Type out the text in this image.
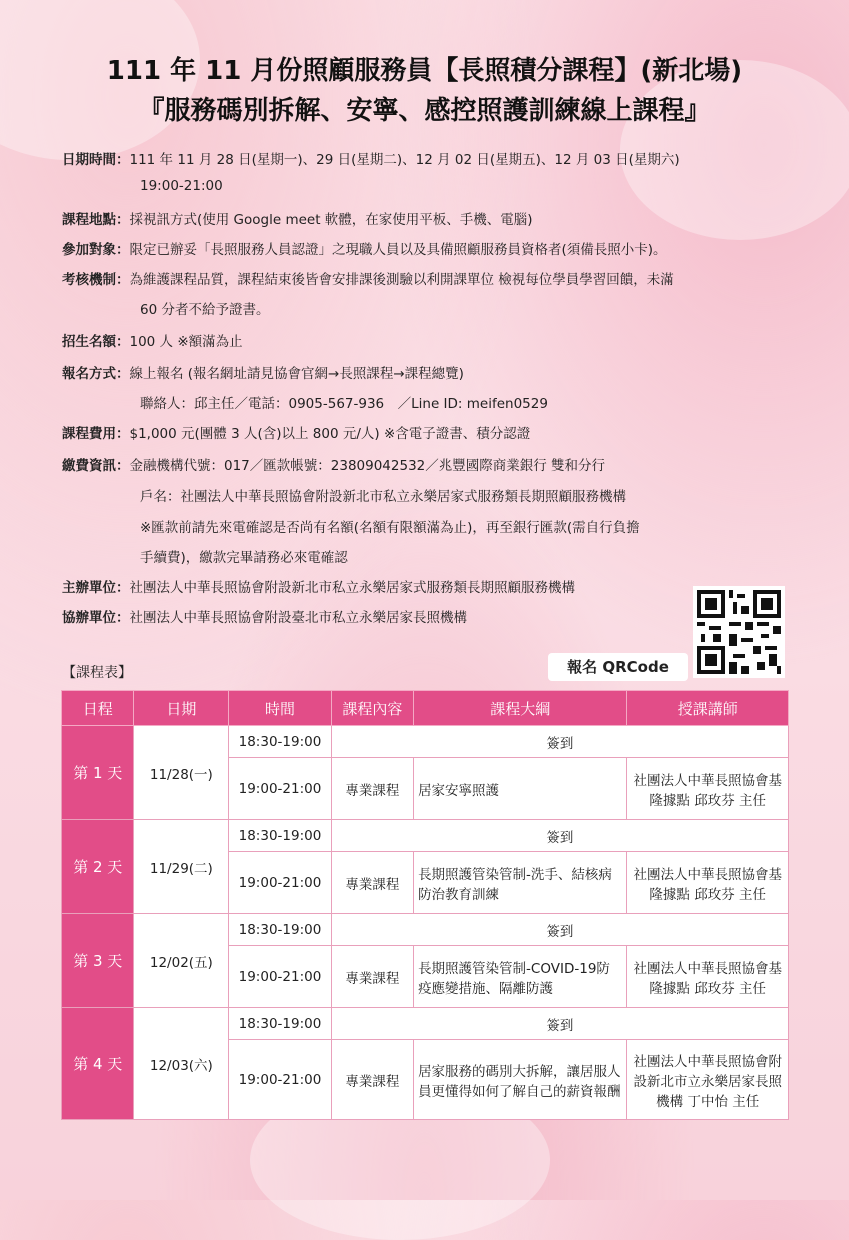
111 年 11 月份照顧服務員【長照積分課程】(新北場)
『服務碼別拆解、安寧、感控照護訓練線上課程』
日期時間：111 年 11 月 28 日(星期一)、29 日(星期二)、12 月 02 日(星期五)、12 月 03 日(星期六)
19:00-21:00
課程地點：採視訊方式(使用 Google meet 軟體，在家使用平板、手機、電腦)
參加對象：限定已辦妥「長照服務人員認證」之現職人員以及具備照顧服務員資格者(須備長照小卡)。
考核機制：為維護課程品質，課程結束後皆會安排課後測驗以利開課單位 檢視每位學員學習回饋，未滿
60 分者不給予證書。
招生名額：100 人 ※額滿為止
報名方式：線上報名 (報名網址請見協會官網→長照課程→課程總覽)
聯絡人：邱主任／電話：0905-567-936　／Line ID: meifen0529
課程費用：$1,000 元(團體 3 人(含)以上 800 元/人) ※含電子證書、積分認證
繳費資訊：金融機構代號：017／匯款帳號：23809042532／兆豐國際商業銀行 雙和分行
戶名：社團法人中華長照協會附設新北市私立永樂居家式服務類長期照顧服務機構
※匯款前請先來電確認是否尚有名額(名額有限額滿為止)，再至銀行匯款(需自行負擔
手續費)，繳款完畢請務必來電確認
主辦單位：社團法人中華長照協會附設新北市私立永樂居家式服務類長期照顧服務機構
協辦單位：社團法人中華長照協會附設臺北市私立永樂居家長照機構
報名 QRCode
【課程表】
日程	日期	時間	課程內容	課程大綱	授課講師
第 1 天	11/28(一)	18:30-19:00	簽到		
		19:00-21:00	專業課程	居家安寧照護	社團法人中華長照協會基隆據點 邱玫芬 主任
第 2 天	11/29(二)	18:30-19:00	簽到		
		19:00-21:00	專業課程	長期照護管染管制-洗手、結核病防治教育訓練	社團法人中華長照協會基隆據點 邱玫芬 主任
第 3 天	12/02(五)	18:30-19:00	簽到		
		19:00-21:00	專業課程	長期照護管染管制-COVID-19防疫應變措施、隔離防護	社團法人中華長照協會基隆據點 邱玫芬 主任
第 4 天	12/03(六)	18:30-19:00	簽到		
		19:00-21:00	專業課程	居家服務的碼別大拆解，讓居服人員更懂得如何了解自己的薪資報酬	社團法人中華長照協會附設新北市立永樂居家長照機構 丁中怡 主任
